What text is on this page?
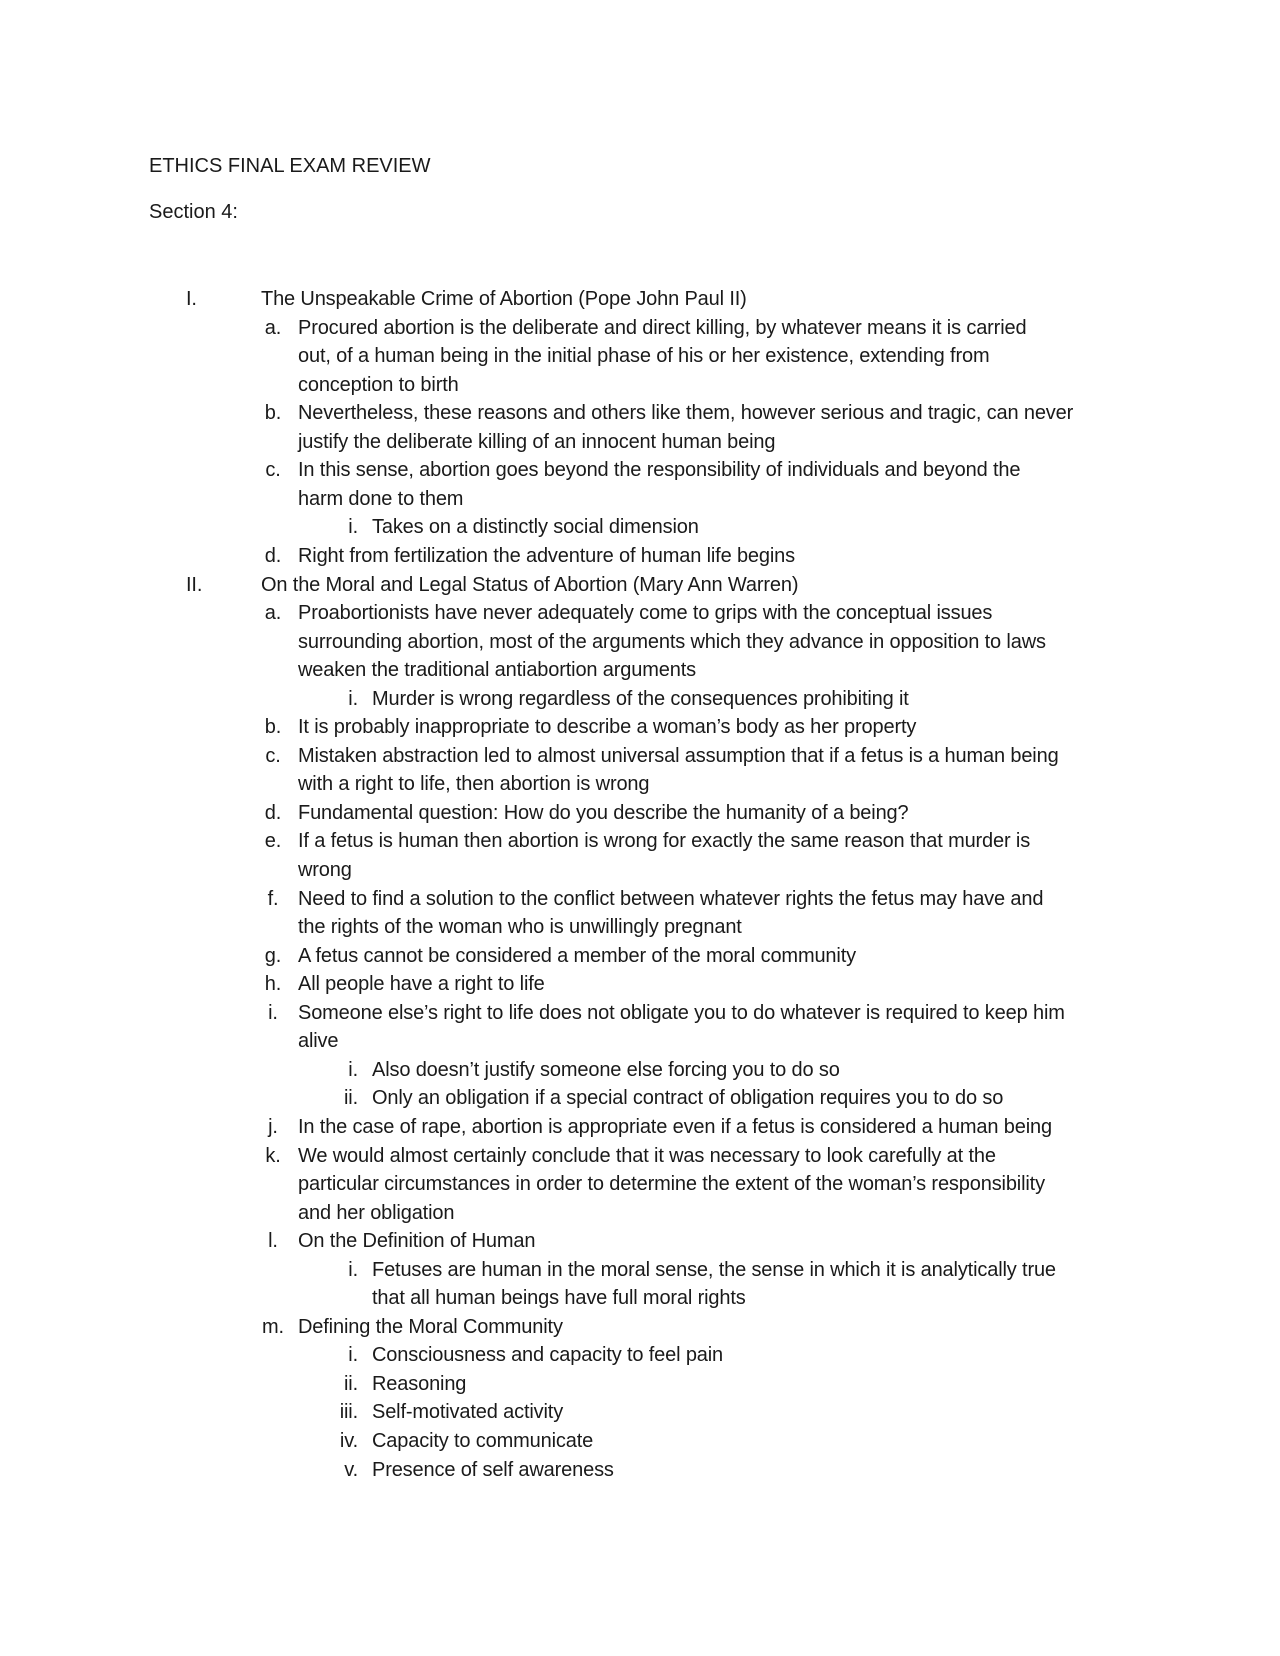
ETHICS FINAL EXAM REVIEW
Section 4:
I.	The Unspeakable Crime of Abortion (Pope John Paul II)
a. Procured abortion is the deliberate and direct killing, by whatever means it is carried
out, of a human being in the initial phase of his or her existence, extending from
conception to birth
b. Nevertheless, these reasons and others like them, however serious and tragic, can never
justify the deliberate killing of an innocent human being
c. In this sense, abortion goes beyond the responsibility of individuals and beyond the
harm done to them
i. Takes on a distinctly social dimension
d. Right from fertilization the adventure of human life begins
II.	On the Moral and Legal Status of Abortion (Mary Ann Warren)
a. Proabortionists have never adequately come to grips with the conceptual issues
surrounding abortion, most of the arguments which they advance in opposition to laws
weaken the traditional antiabortion arguments
i. Murder is wrong regardless of the consequences prohibiting it
b. It is probably inappropriate to describe a woman’s body as her property
c. Mistaken abstraction led to almost universal assumption that if a fetus is a human being
with a right to life, then abortion is wrong
d. Fundamental question: How do you describe the humanity of a being?
e. If a fetus is human then abortion is wrong for exactly the same reason that murder is
wrong
f. Need to find a solution to the conflict between whatever rights the fetus may have and
the rights of the woman who is unwillingly pregnant
g. A fetus cannot be considered a member of the moral community
h. All people have a right to life
i.	Someone else’s right to life does not obligate you to do whatever is required to keep him
alive
i. Also doesn’t justify someone else forcing you to do so
ii. Only an obligation if a special contract of obligation requires you to do so
j.	In the case of rape, abortion is appropriate even if a fetus is considered a human being
k. We would almost certainly conclude that it was necessary to look carefully at the
particular circumstances in order to determine the extent of the woman’s responsibility
and her obligation
l.	On the Definition of Human
i. Fetuses are human in the moral sense, the sense in which it is analytically true
that all human beings have full moral rights
m. Defining the Moral Community
i. Consciousness and capacity to feel pain
ii. Reasoning
iii. Self-motivated activity
iv. Capacity to communicate
v. Presence of self awareness
